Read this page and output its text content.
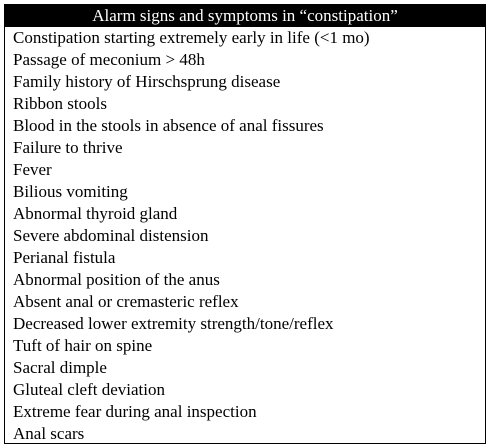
Alarm signs and symptoms in “constipation”
Constipation starting extremely early in life (<1 mo)
Passage of meconium > 48h
Family history of Hirschsprung disease
Ribbon stools
Blood in the stools in absence of anal fissures
Failure to thrive
Fever
Bilious vomiting
Abnormal thyroid gland
Severe abdominal distension
Perianal fistula
Abnormal position of the anus
Absent anal or cremasteric reflex
Decreased lower extremity strength/tone/reflex
Tuft of hair on spine
Sacral dimple
Gluteal cleft deviation
Extreme fear during anal inspection
Anal scars
